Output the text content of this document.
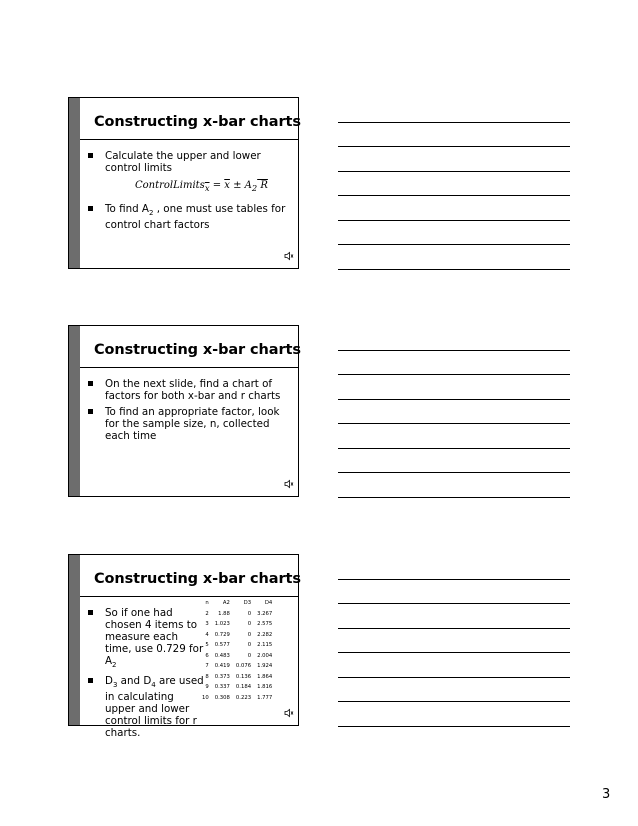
Constructing x-bar charts
Calculate the upper and lower control limits
ControlLimits$_{\overline{x}}$ = $\overline{x} \pm A_2$ R
To find $A_2$ , one must use tables for control chart factors
Constructing x-bar charts
On the next slide, find a chart of factors for both x-bar and r charts
To find an appropriate factor, look for the sample size, n, collected each time
Constructing x-bar charts
So if one had chosen 4 items to measure each time, use 0.729 for $A_2$
$D_3$ and $D_4$ are used in calculating upper and lower control limits for r charts.
n	A2	D3	D4
2	1.88	0	3.267
3	1.023	0	2.575
4	0.729	0	2.282
5	0.577	0	2.115
6	0.483	0	2.004
7	0.419	0.076	1.924
8	0.373	0.136	1.864
9	0.337	0.184	1.816
10	0.308	0.223	1.777
3
